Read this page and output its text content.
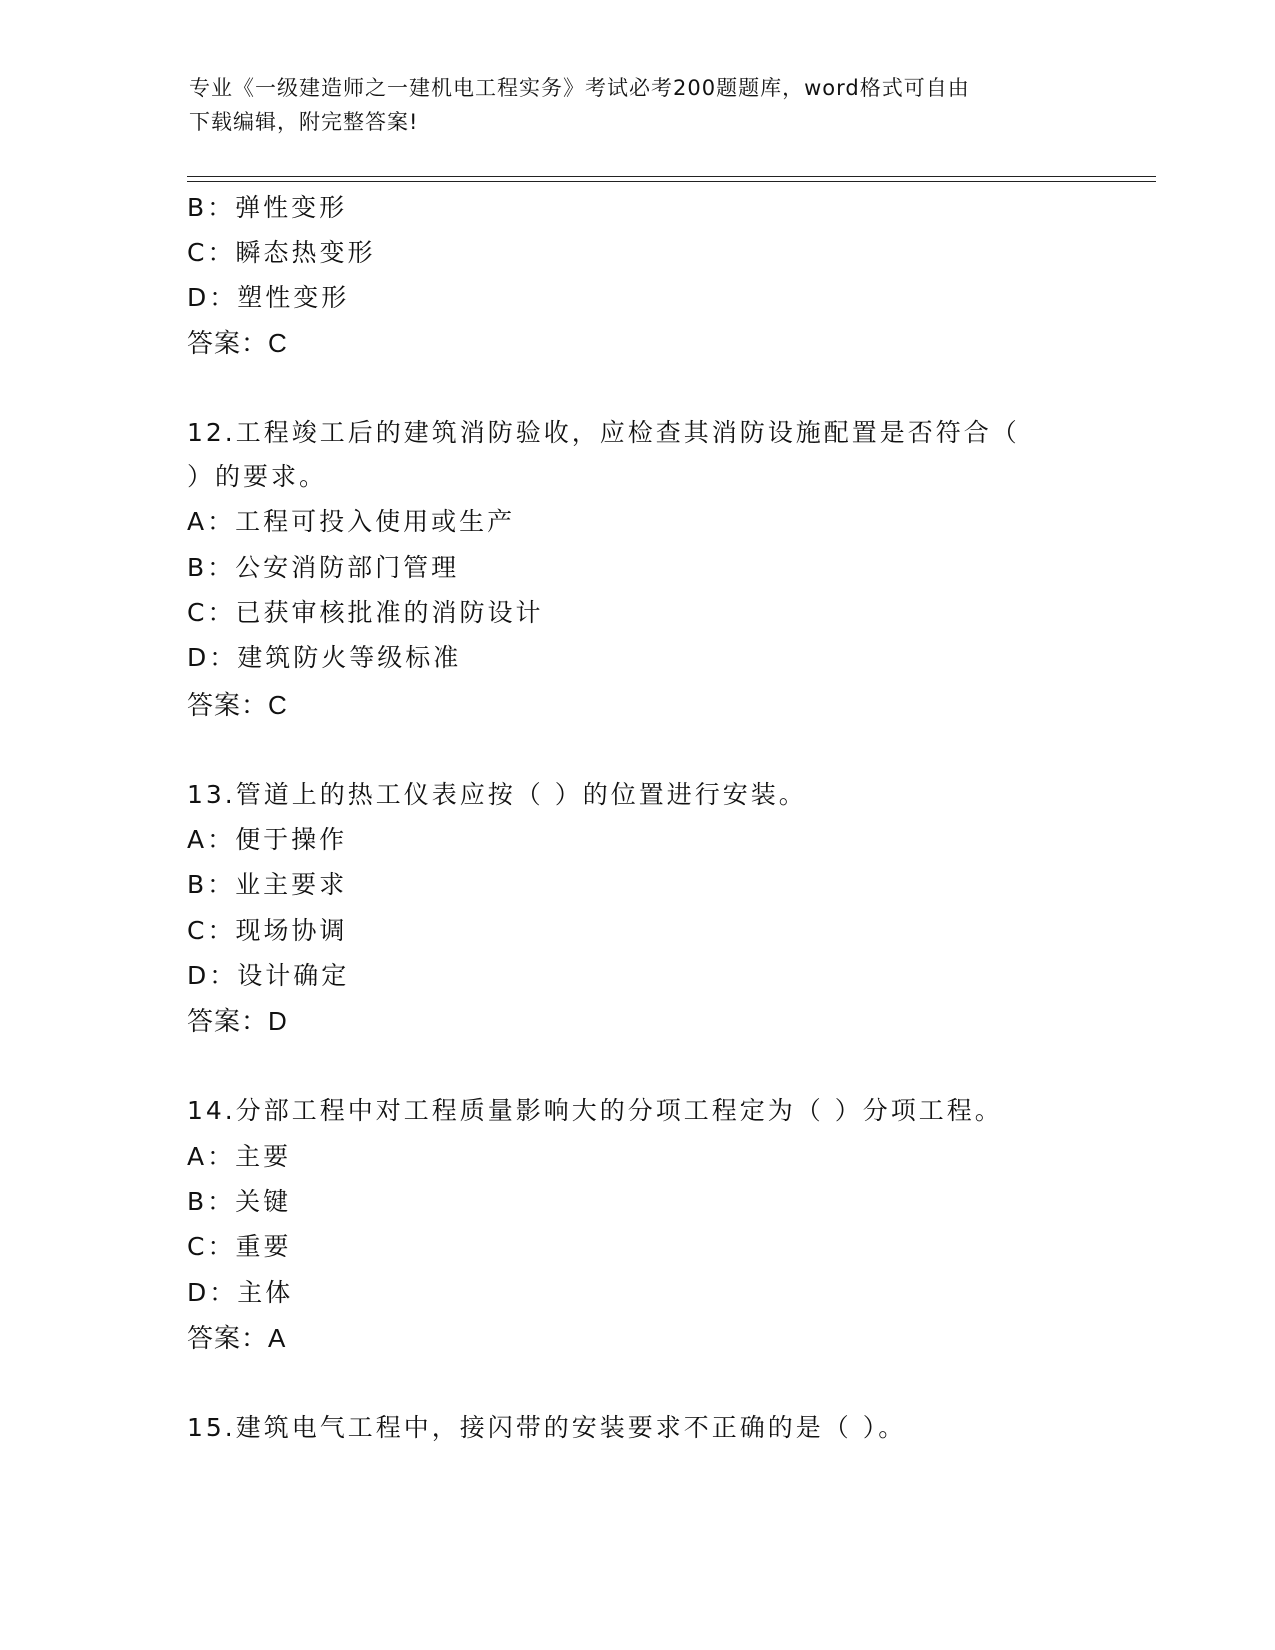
专业《一级建造师之一建机电工程实务》考试必考200题题库，word格式可自由
下载编辑，附完整答案!
B：弹性变形
C：瞬态热变形
D：塑性变形
答案：C
12.工程竣工后的建筑消防验收，应检查其消防设施配置是否符合（
）的要求。
A：工程可投入使用或生产
B：公安消防部门管理
C：已获审核批准的消防设计
D：建筑防火等级标准
答案：C
13.管道上的热工仪表应按（ ）的位置进行安装。
A：便于操作
B：业主要求
C：现场协调
D：设计确定
答案：D
14.分部工程中对工程质量影响大的分项工程定为（ ）分项工程。
A：主要
B：关键
C：重要
D：主体
答案：A
15.建筑电气工程中，接闪带的安装要求不正确的是（ ）。
